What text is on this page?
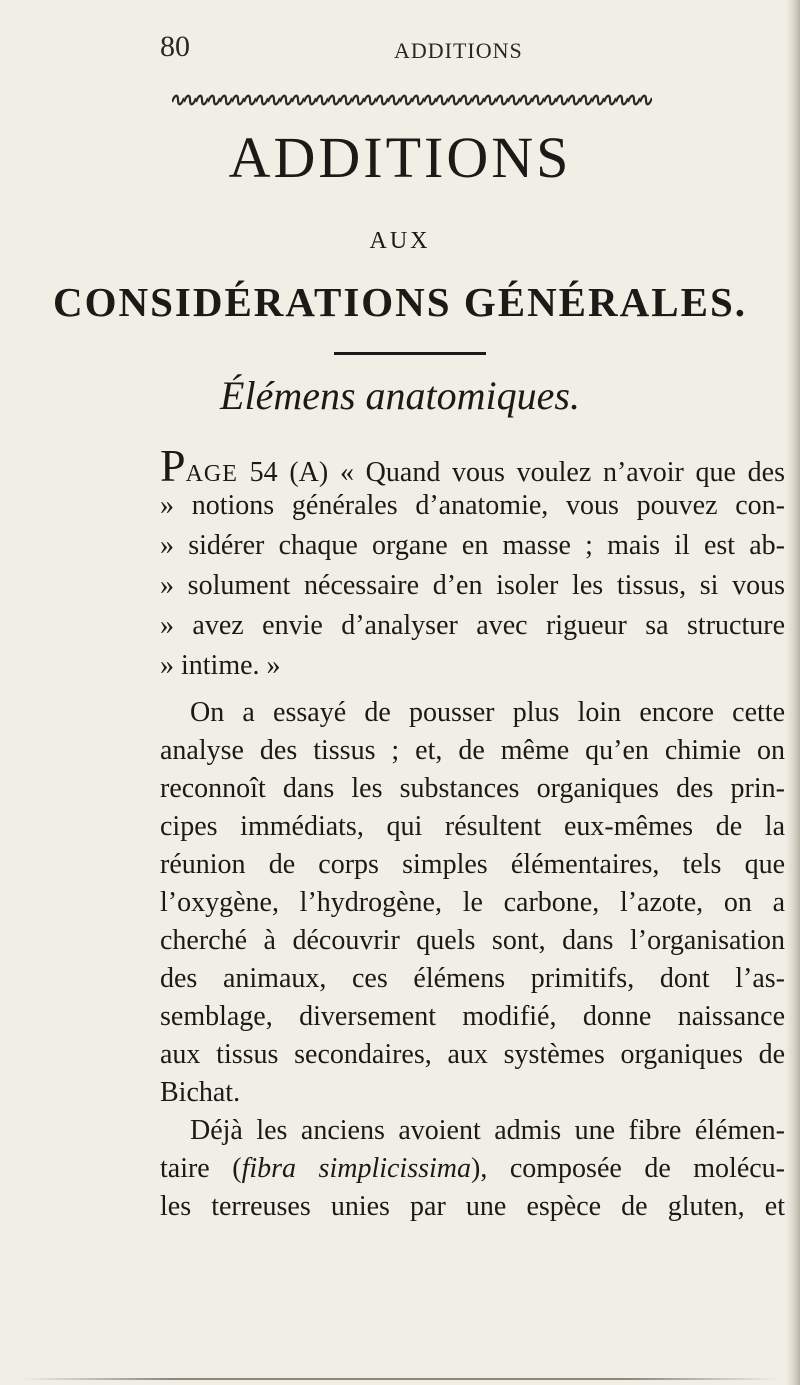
80	ADDITIONS
ADDITIONS
AUX
CONSIDÉRATIONS GÉNÉRALES.
Élémens anatomiques.
PAGE 54 (A) « Quand vous voulez n’avoir que des
» notions générales d’anatomie, vous pouvez con-
» sidérer chaque organe en masse ; mais il est ab-
» solument nécessaire d’en isoler les tissus, si vous
» avez envie d’analyser avec rigueur sa structure
» intime. »
On a essayé de pousser plus loin encore cette
analyse des tissus ; et, de même qu’en chimie on
reconnoît dans les substances organiques des prin-
cipes immédiats, qui résultent eux-mêmes de la
réunion de corps simples élémentaires, tels que
l’oxygène, l’hydrogène, le carbone, l’azote, on a
cherché à découvrir quels sont, dans l’organisation
des animaux, ces élémens primitifs, dont l’as-
semblage, diversement modifié, donne naissance
aux tissus secondaires, aux systèmes organiques de
Bichat.
Déjà les anciens avoient admis une fibre élémen-
taire (fibra simplicissima), composée de molécu-
les terreuses unies par une espèce de gluten, et
